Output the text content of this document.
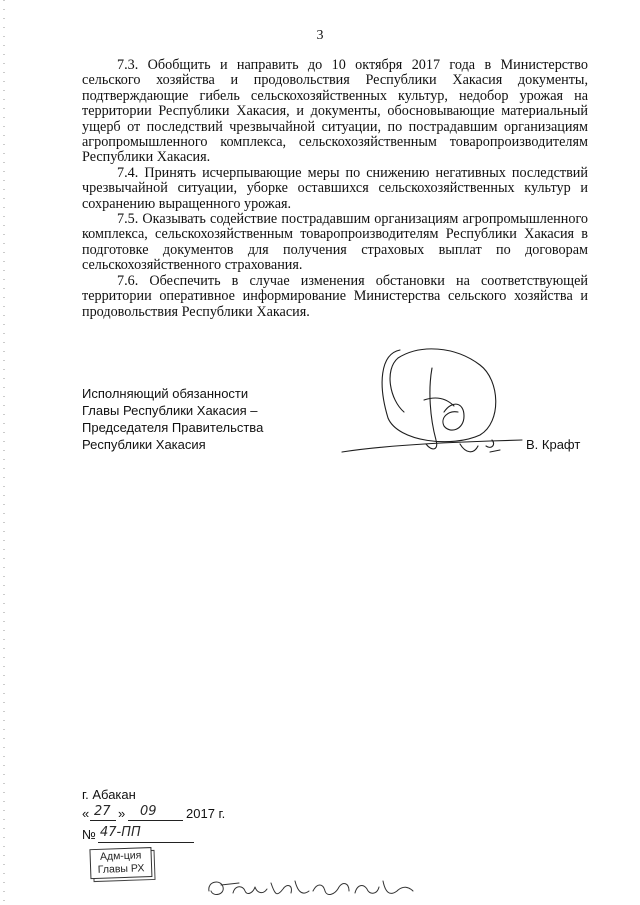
3

7.3. Обобщить и направить до 10 октября 2017 года в Министерство сельского хозяйства и продовольствия Республики Хакасия документы, подтверждающие гибель сельскохозяйственных культур, недобор урожая на территории Республики Хакасия, и документы, обосновывающие материальный ущерб от последствий чрезвычайной ситуации, по пострадавшим организациям агропромышленного комплекса, сельскохозяйственным товаропроизводителям Республики Хакасия.

7.4. Принять исчерпывающие меры по снижению негативных последствий чрезвычайной ситуации, уборке оставшихся сельскохозяйственных культур и сохранению выращенного урожая.

7.5. Оказывать содействие пострадавшим организациям агропромышленного комплекса, сельскохозяйственным товаропроизводителям Республики Хакасия в подготовке документов для получения страховых выплат по договорам сельскохозяйственного страхования.

7.6. Обеспечить в случае изменения обстановки на соответствующей территории оперативное информирование Министерства сельского хозяйства и продовольствия Республики Хакасия.

Исполняющий обязанности
Главы Республики Хакасия –
Председателя Правительства
Республики Хакасия	В. Крафт
г. Абакан
« 27 » 09 2017 г.
№ 47-ПП
Адм-ция
Главы РХ
